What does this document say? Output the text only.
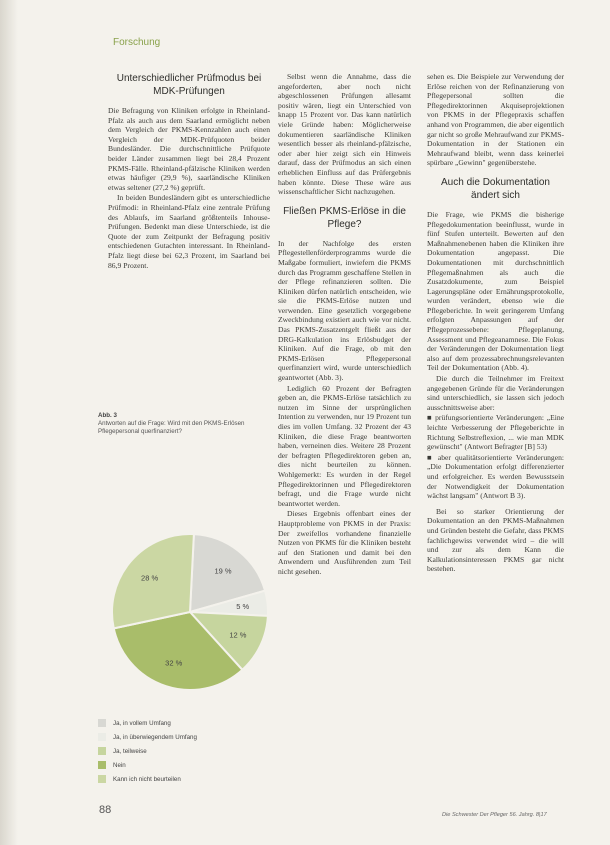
Forschung
Unterschiedlicher Prüfmodus bei MDK-Prüfungen

Die Befragung von Kliniken erfolgte in Rheinland-Pfalz als auch aus dem Saarland ermöglicht neben dem Vergleich der PKMS-Kennzahlen auch einen Vergleich der MDK-Prüfquoten beider Bundesländer. Die durchschnittliche Prüfquote beider Länder zusammen liegt bei 28,4 Prozent PKMS-Fälle. Rheinland-pfälzische Kliniken werden etwas häufiger (29,9 %), saarländische Kliniken etwas seltener (27,2 %) geprüft.

In beiden Bundesländern gibt es unterschiedliche Prüfmodi: in Rheinland-Pfalz eine zentrale Prüfung des Ablaufs, im Saarland größtenteils Inhouse-Prüfungen. Bedenkt man diese Unterschiede, ist die Quote der zum Zeitpunkt der Befragung positiv entschiedenen Gutachten interessant. In Rheinland-Pfalz liegt diese bei 62,3 Prozent, im Saarland bei 86,9 Prozent.

Abb. 3
Antworten auf die Frage: Wird mit den PKMS-Erlösen Pflegepersonal querfinanziert?
19 %
5 %
12 %
32 %
28 %
Ja, in vollem Umfang
Ja, in überwiegendem Umfang
Ja, teilweise
Nein
Kann ich nicht beurteilen

Selbst wenn die Annahme, dass die angeforderten, aber noch nicht abgeschlossenen Prüfungen allesamt positiv wären, liegt ein Unterschied von knapp 15 Prozent vor. Das kann natürlich viele Gründe haben: Möglicherweise dokumentieren saarländische Kliniken wesentlich besser als rheinland-pfälzische, oder aber hier zeigt sich ein Hinweis darauf, dass der Prüfmodus an sich einen erheblichen Einfluss auf das Prüfergebnis haben könnte. Diese These wäre aus wissenschaftlicher Sicht nachzugehen.

Fließen PKMS-Erlöse in die Pflege?

In der Nachfolge des ersten Pflegestellenförderprogramms wurde die Maßgabe formuliert, inwiefern die PKMS durch das Programm geschaffene Stellen in der Pflege refinanzieren sollten. Die Kliniken dürfen natürlich entscheiden, wie sie die PKMS-Erlöse nutzen und verwenden. Eine gesetzlich vorgegebene Zweckbindung existiert auch wie vor nicht. Das PKMS-Zusatzentgelt fließt aus der DRG-Kalkulation ins Erlösbudget der Kliniken. Auf die Frage, ob mit den PKMS-Erlösen Pflegepersonal querfinanziert wird, wurde unterschiedlich geantwortet (Abb. 3).

Lediglich 60 Prozent der Befragten geben an, die PKMS-Erlöse tatsächlich zu nutzen im Sinne der ursprünglichen Intention zu verwenden, nur 19 Prozent tun dies im vollen Umfang. 32 Prozent der 43 Kliniken, die diese Frage beantworten haben, verneinen dies. Weitere 28 Prozent der befragten Pflegedirektoren geben an, dies nicht beurteilen zu können. Wohlgemerkt: Es wurden in der Regel Pflegedirektorinnen und Pflegedirektoren befragt, und die Frage wurde nicht beantwortet werden.

Dieses Ergebnis offenbart eines der Hauptprobleme von PKMS in der Praxis: Der zweifellos vorhandene finanzielle Nutzen von PKMS für die Kliniken besteht auf den Stationen und damit bei den Anwendern und Ausführenden zum Teil nicht gesehen.

sehen es. Die Beispiele zur Verwendung der Erlöse reichen von der Refinanzierung von Pflegepersonal sollten die Pflegedirektorinnen Akquiseprojektionen von PKMS in der Pflegepraxis schaffen anhand von Programmen, die aber eigentlich gar nicht so große Mehraufwand zur PKMS-Dokumentation in der Stationen ein Mehraufwand bleibt, wenn dass keinerlei spürbare „Gewinn" gegenüberstehe.

Auch die Dokumentation ändert sich

Die Frage, wie PKMS die bisherige Pflegedokumentation beeinflusst, wurde in fünf Stufen unterteilt. Bewerten auf den Maßnahmenebenen haben die Kliniken ihre Dokumentation angepasst. Die Dokumentationen mit durchschnittlich Pflegemaßnahmen als auch die Zusatzdokumente, zum Beispiel Lagerungspläne oder Ernährungsprotokolle, wurden verändert, ebenso wie die Pflegeberichte. In weit geringerem Umfang erfolgten Anpassungen auf der Pflegeprozessebene: Pflegeplanung, Assessment und Pflegeanamnese. Die Fokus der Veränderungen der Dokumentation liegt also auf dem prozessabrechnungsrelevanten Teil der Dokumentation (Abb. 4).

Die durch die Teilnehmer im Freitext angegebenen Gründe für die Veränderungen sind unterschiedlich, sie lassen sich jedoch ausschnittsweise aber:

■ prüfungsorientierte Veränderungen: „Eine leichte Verbesserung der Pflegeberichte in Richtung Selbstreflexion, ... wie man MDK gewünscht" (Antwort Befragter [B] 53)

■ aber qualitätsorientierte Veränderungen: „Die Dokumentation erfolgt differenzierter und erfolgreicher. Es werden Bewusstsein der Notwendigkeit der Dokumentation wächst langsam" (Antwort B 3).

Bei so starker Orientierung der Dokumentation an den PKMS-Maßnahmen und Gründen besteht die Gefahr, dass PKMS fachlichgewiss verwendet wird – die will und zur als dem Kann die Kalkulationsinteressen PKMS gar nicht bestehen.

88	Die Schwester Der Pfleger 56. Jahrg. 8|17
